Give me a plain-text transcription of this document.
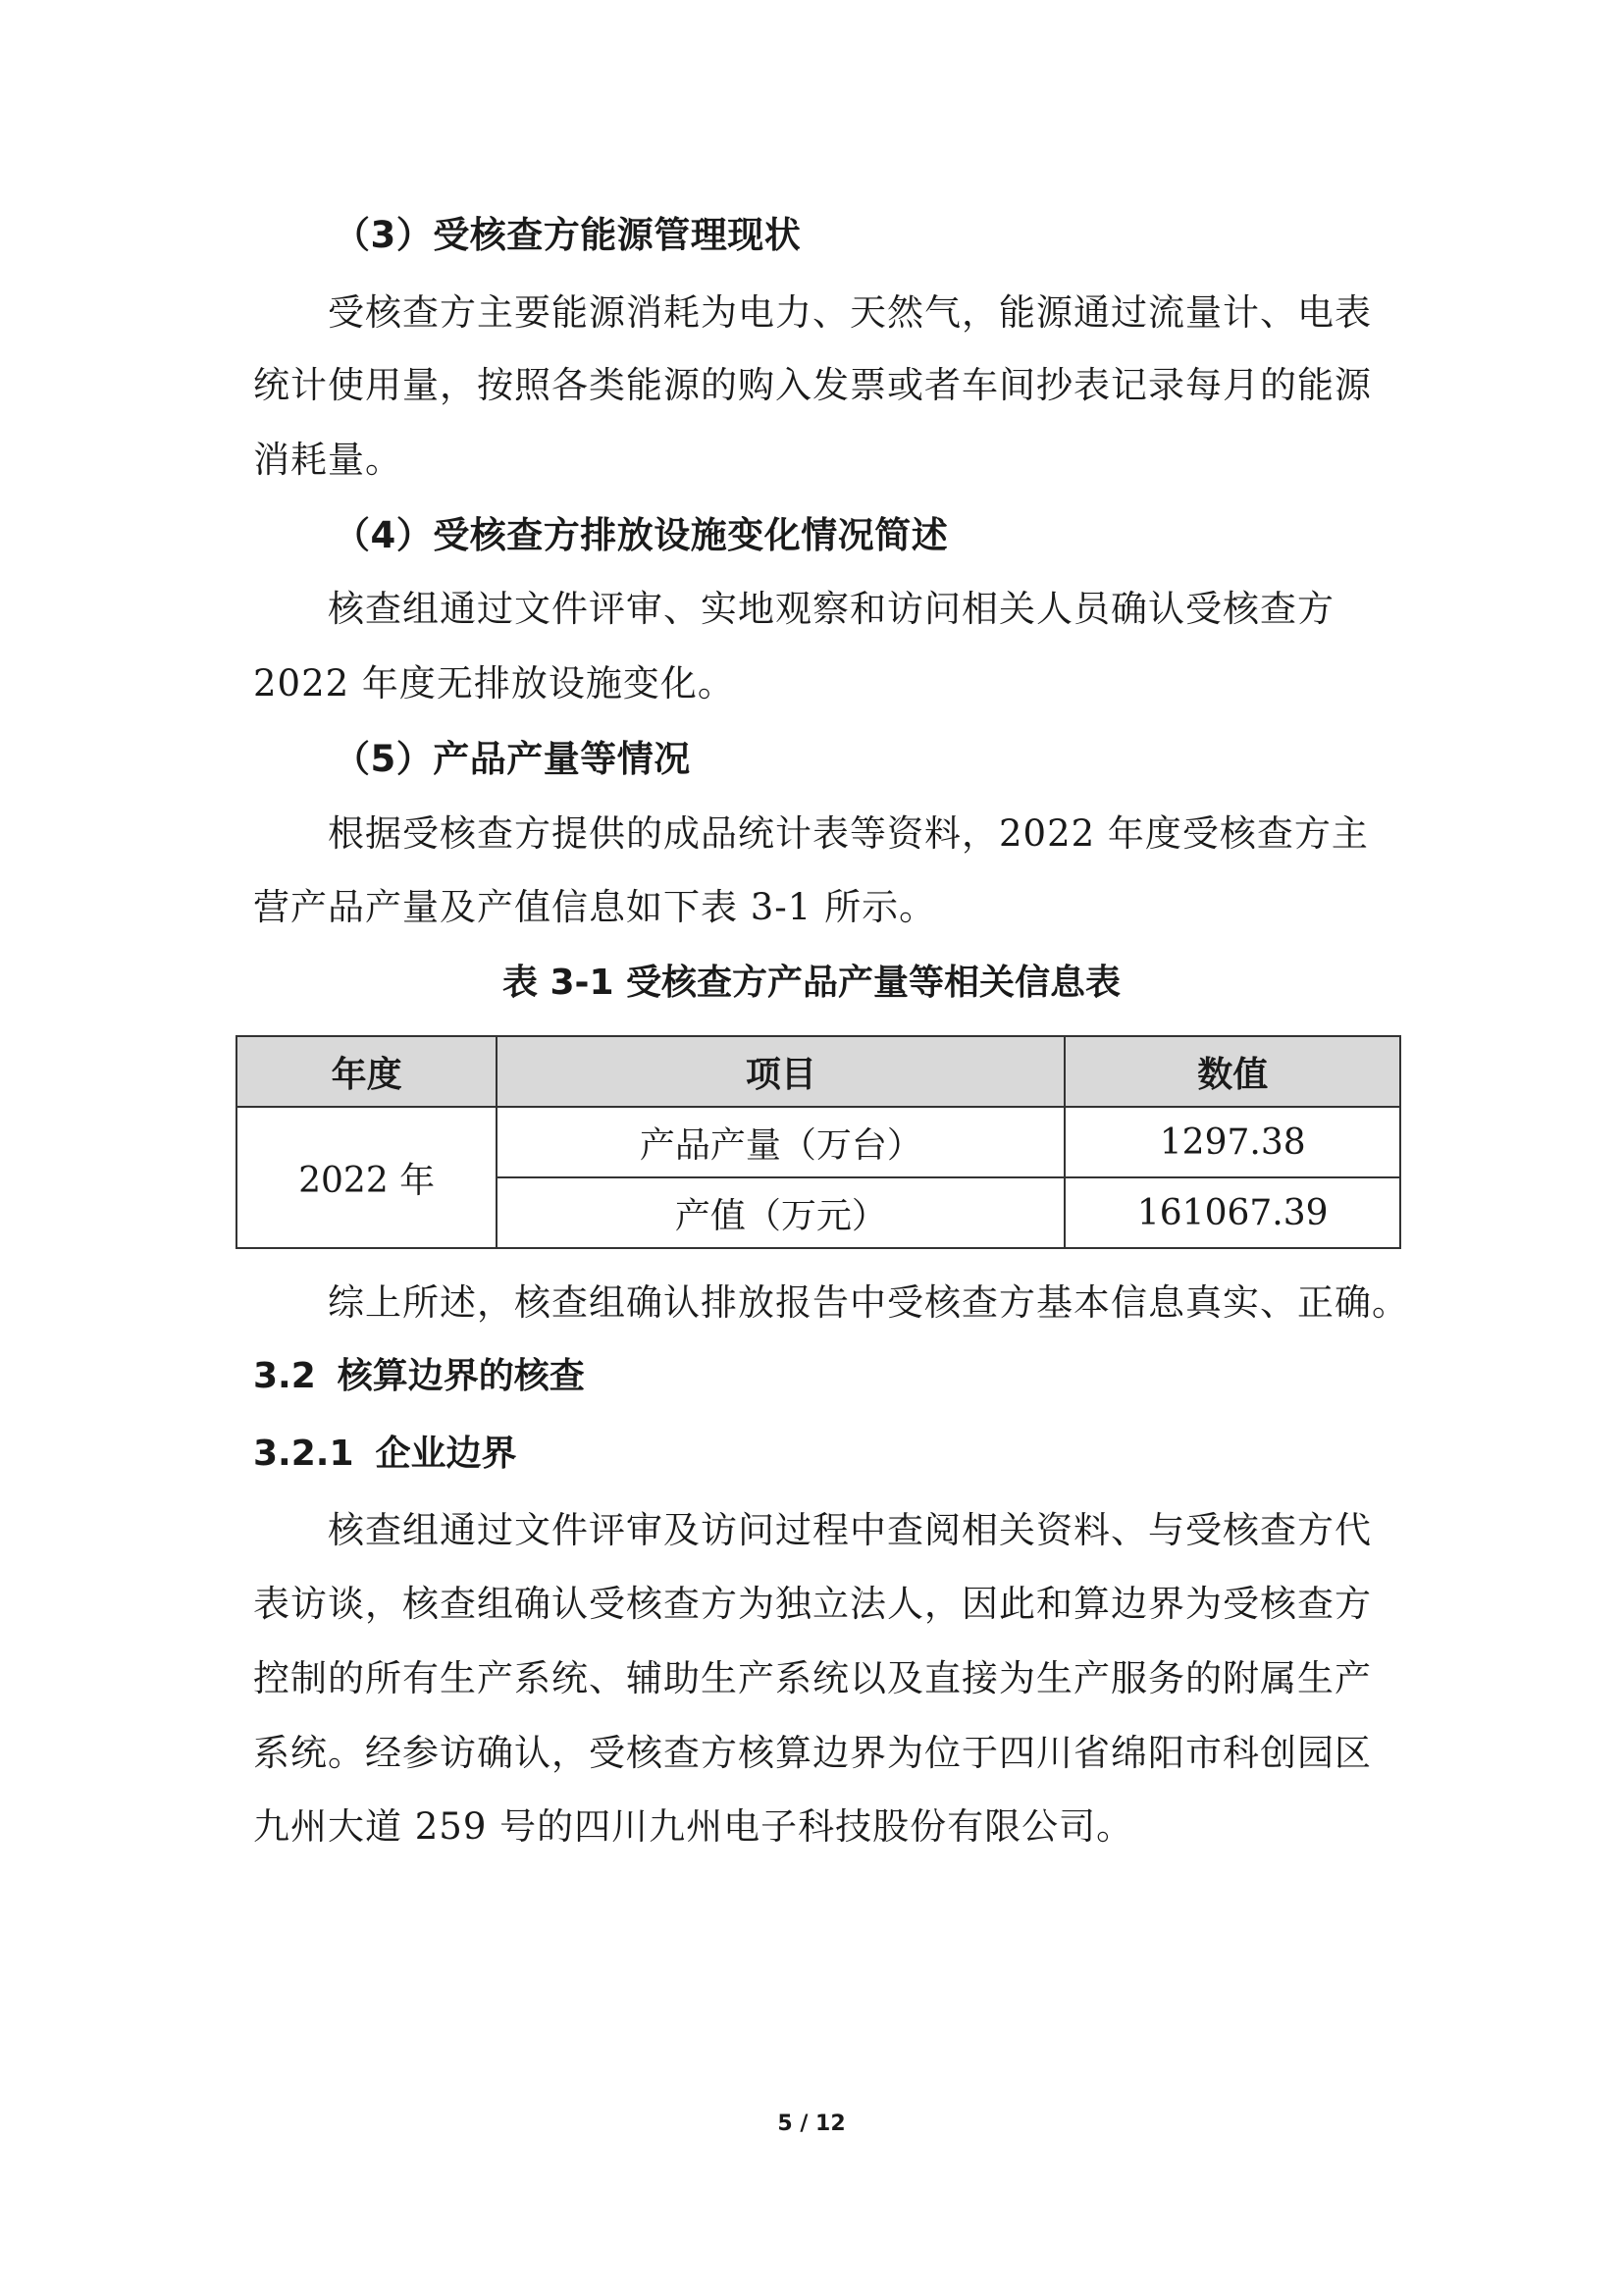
（3）受核查方能源管理现状
受核查方主要能源消耗为电力、天然气，能源通过流量计、电表
统计使用量，按照各类能源的购入发票或者车间抄表记录每月的能源
消耗量。
（4）受核查方排放设施变化情况简述
核查组通过文件评审、实地观察和访问相关人员确认受核查方
2022 年度无排放设施变化。
（5）产品产量等情况
根据受核查方提供的成品统计表等资料，2022 年度受核查方主
营产品产量及产值信息如下表 3-1 所示。
表 3-1 受核查方产品产量等相关信息表
年度	项目	数值
2022 年	产品产量（万台）	1297.38
	产值（万元）	161067.39
综上所述，核查组确认排放报告中受核查方基本信息真实、正确。
3.2 核算边界的核查
3.2.1 企业边界
核查组通过文件评审及访问过程中查阅相关资料、与受核查方代
表访谈，核查组确认受核查方为独立法人，因此和算边界为受核查方
控制的所有生产系统、辅助生产系统以及直接为生产服务的附属生产
系统。经参访确认，受核查方核算边界为位于四川省绵阳市科创园区
九州大道 259 号的四川九州电子科技股份有限公司。
5 / 12
